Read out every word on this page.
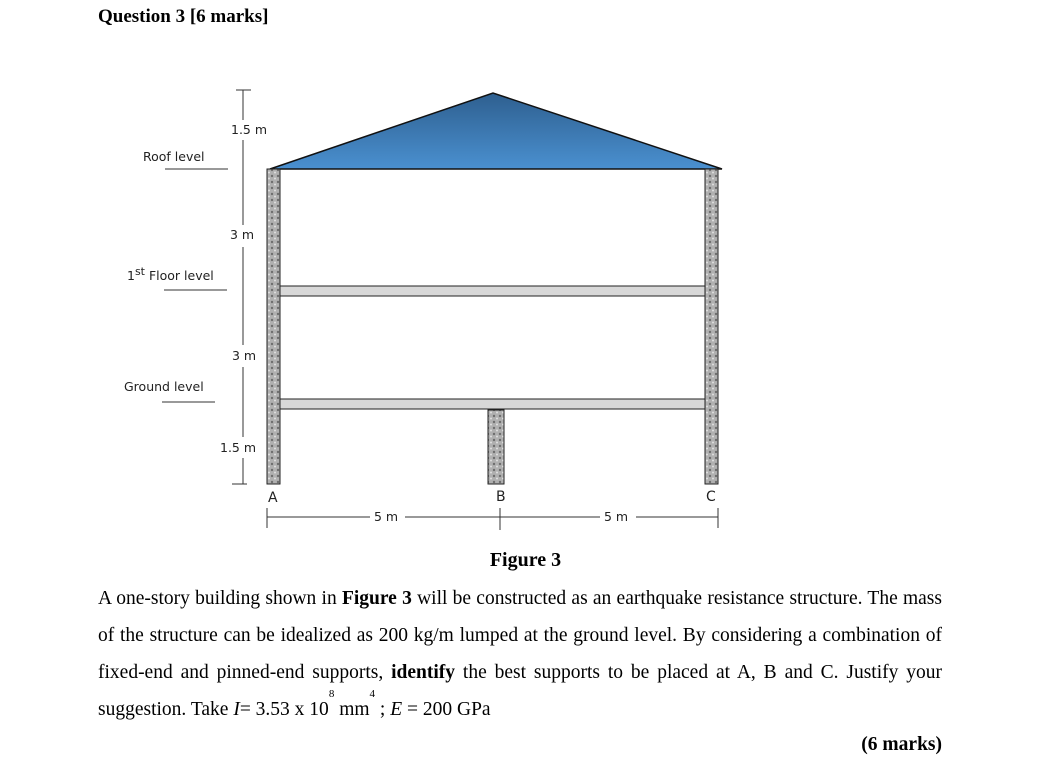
Question 3 [6 marks]
Roof level
1st Floor level
Ground level
1.5 m
3 m
3 m
1.5 m
A	B	C
5 m	5 m
Figure 3
A one-story building shown in Figure 3 will be constructed as an earthquake resistance structure. The mass of the structure can be idealized as 200 kg/m lumped at the ground level. By considering a combination of fixed-end and pinned-end supports, identify the best supports to be placed at A, B and C. Justify your suggestion. Take I= 3.53 x $10^8$ $mm^4$ ; E = 200 GPa
(6 marks)
